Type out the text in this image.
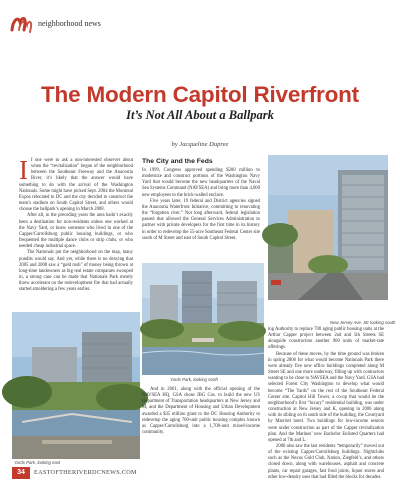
neighborhood news
The Modern Capitol Riverfront
It’s Not All About a Ballpark
by Jacqueline Dupree

I f one were to ask a non-interested observer about when the “revitalization” began of the neighborhood between the Southeast Freeway and the Anacostia River, it’s likely that the answer would have something to do with the arrival of the Washington Nationals. Some might have picked Sept. 2004 the Montreal Expos relocated to DC and the city decided to construct the team’s stadium on South Capitol Street, and others would choose the ballpark’s opening in March 2008.

After all, in the preceding years the area hadn’t exactly been a destination for non-residents unless one worked at the Navy Yard, or knew someone who lived in one of the Capper/Carrollsburg public housing buildings, or who frequented the multiple dance clubs or strip clubs, or who needed cheap industrial space.

The Nationals put the neighborhood on the map, many pundits would say. And yet, while there is no denying that 2005 and 2008 saw a “gold rush” of money being thrown at long-time landowners as big real estate companies swooped in, a strong case can be made that Nationals Park merely threw accelerant on the redevelopment fire that had actually started smoldering a few years earlier.

The City and the Feds

In 1999, Congress approved spending $200 million to modernize and construct portions of the Washington Navy Yard that would become the new headquarters of the Naval Sea Systems Command (NAVSEA) and bring more than 4,000 new employees to the brick-walled enclave.

Five years later, 19 federal and District agencies signed the Anacostia Waterfront Initiative, committing to renovating the “forgotten river.” Not long afterward, federal legislation passed that allowed the General Services Administration to partner with private developers for the first time in its history in order to redevelop the 55-acre Southeast Federal Center site south of M Street and east of South Capitol Street.

New Jersey Ave, SE looking south
Yards Park, looking north
Yards Park, looking east

And in 2001, along with the official opening of the NAVSEA HQ, GSA chose JBG Cos. to build the new US Department of Transportation headquarters at New Jersey and M, and the Department of Housing and Urban Development awarded a $35 million grant to the DC Housing Authority to redevelop the aging 700-unit public housing complex known as Capper/Carrollsburg into a 1,700-unit mixed-income community.

ing Authority to replace 700 aging public housing units at the Arthur Capper project between 2nd and 5th Streets SE alongside construction another 900 units of market-rate offerings.

Because of these moves, by the time ground was broken in spring 2006 for what would become Nationals Park there were already five new office buildings completed along M Street SE and one more underway, filling up with contractors wanting to be close to NAVSEA and the Navy Yard. GSA had selected Forest City Washington to develop what would become “The Yards” on the rest of the Southeast Federal Center site. Capitol Hill Tower, a co-op that would be the neighborhood’s first “luxury” residential building, was under construction at New Jersey and K, opening in 2006 along with its sibling on th south side of the building, the Courtyard by Marriott hotel. Two buildings for low-income seniors were under construction as part of the Capper revitalization plan. And the Marines’ new Bachelor Enlisted Quarters had opened at 7th and L.

2006 also saw the last residents “temporarily” moved out of the existing Capper/Carrollsburg buildings. Nightclubs such as the Nexus Gold Club, Nation, Ziegfeld’s, and others closed down, along with warehouses, asphalt and concrete plants, car repair garages, fast food joints, liquor stores and other low-density uses that had filled the blocks for decades.

34	EASTOFTHERIVERDCNEWS.COM
